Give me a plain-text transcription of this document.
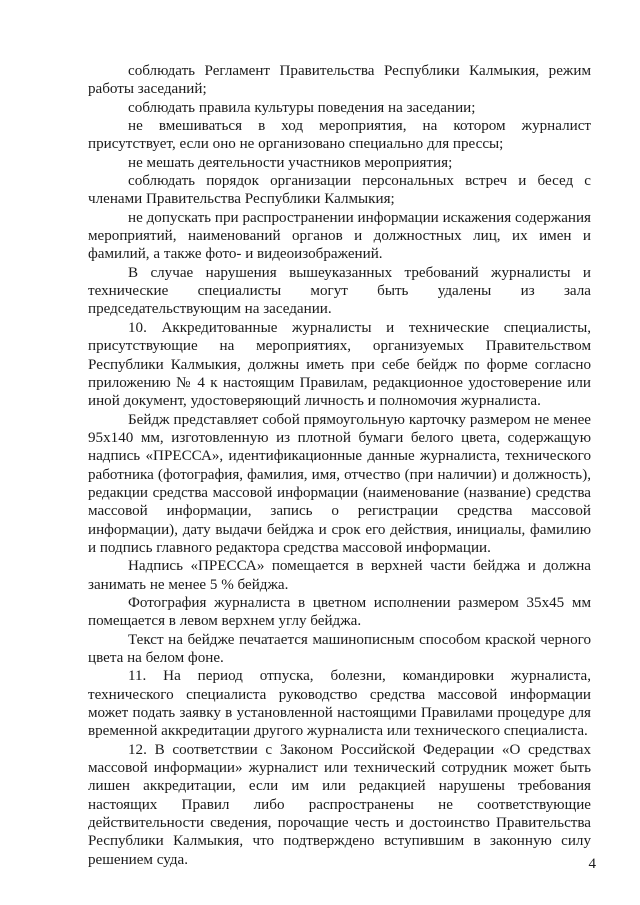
соблюдать Регламент Правительства Республики Калмыкия, режим работы заседаний;

соблюдать правила культуры поведения на заседании;

не вмешиваться в ход мероприятия, на котором журналист присутствует, если оно не организовано специально для прессы;

не мешать деятельности участников мероприятия;

соблюдать порядок организации персональных встреч и бесед с членами Правительства Республики Калмыкия;

не допускать при распространении информации искажения содержания мероприятий, наименований органов и должностных лиц, их имен и фамилий, а также фото- и видеоизображений.

В случае нарушения вышеуказанных требований журналисты и технические специалисты могут быть удалены из зала председательствующим на заседании.

10. Аккредитованные журналисты и технические специалисты, присутствующие на мероприятиях, организуемых Правительством Республики Калмыкия, должны иметь при себе бейдж по форме согласно приложению № 4 к настоящим Правилам, редакционное удостоверение или иной документ, удостоверяющий личность и полномочия журналиста.

Бейдж представляет собой прямоугольную карточку размером не менее 95х140 мм, изготовленную из плотной бумаги белого цвета, содержащую надпись «ПРЕССА», идентификационные данные журналиста, технического работника (фотография, фамилия, имя, отчество (при наличии) и должность), редакции средства массовой информации (наименование (название) средства массовой информации, запись о регистрации средства массовой информации), дату выдачи бейджа и срок его действия, инициалы, фамилию и подпись главного редактора средства массовой информации.

Надпись «ПРЕССА» помещается в верхней части бейджа и должна занимать не менее 5 % бейджа.

Фотография журналиста в цветном исполнении размером 35х45 мм помещается в левом верхнем углу бейджа.

Текст на бейдже печатается машинописным способом краской черного цвета на белом фоне.

11. На период отпуска, болезни, командировки журналиста, технического специалиста руководство средства массовой информации может подать заявку в установленной настоящими Правилами процедуре для временной аккредитации другого журналиста или технического специалиста.

12. В соответствии с Законом Российской Федерации «О средствах массовой информации» журналист или технический сотрудник может быть лишен аккредитации, если им или редакцией нарушены требования настоящих Правил либо распространены не соответствующие действительности сведения, порочащие честь и достоинство Правительства Республики Калмыкия, что подтверждено вступившим в законную силу решением суда.	4
